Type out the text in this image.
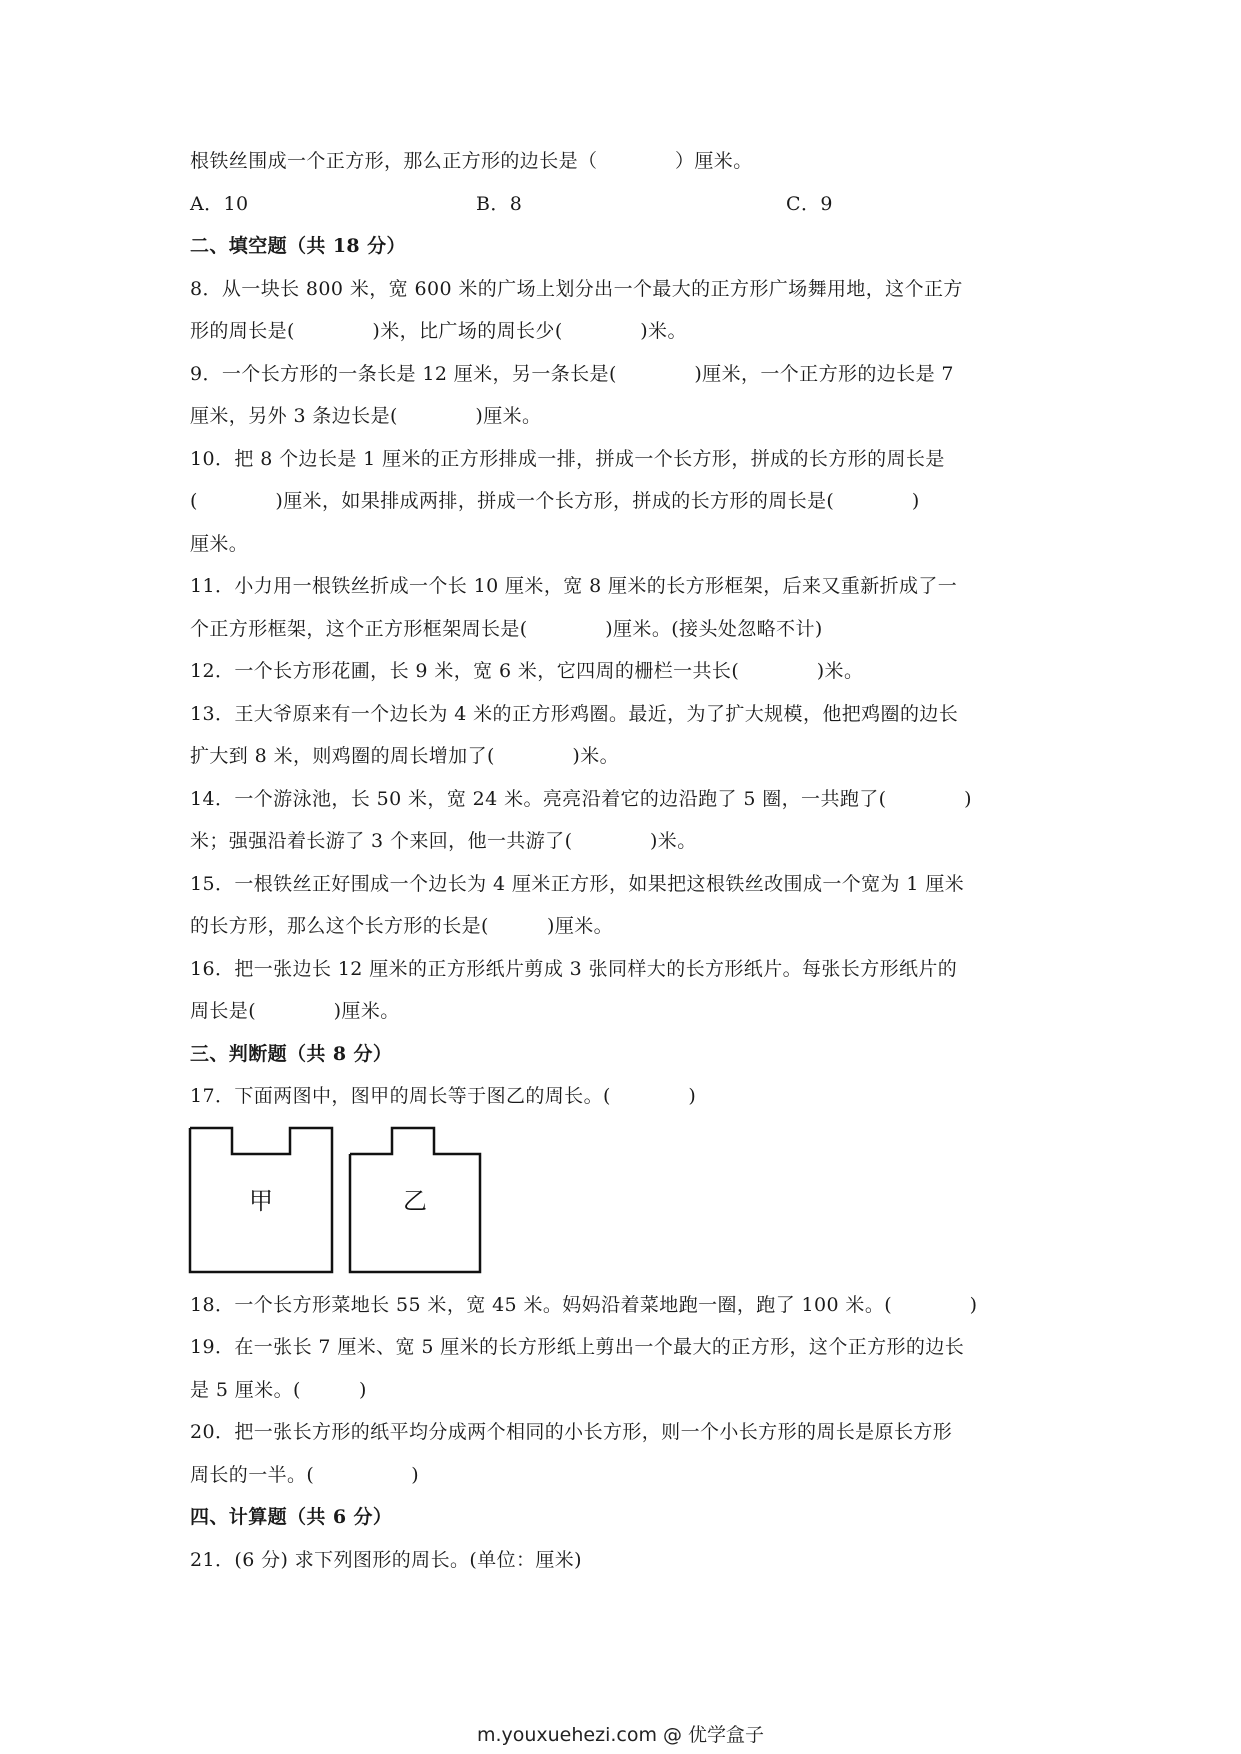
根铁丝围成一个正方形，那么正方形的边长是（　　　　）厘米。
A．10	B．8	C．9
二、填空题（共 18 分）
8．从一块长 800 米，宽 600 米的广场上划分出一个最大的正方形广场舞用地，这个正方
形的周长是(　　　　)米，比广场的周长少(　　　　)米。
9．一个长方形的一条长是 12 厘米，另一条长是(　　　　)厘米，一个正方形的边长是 7
厘米，另外 3 条边长是(　　　　)厘米。
10．把 8 个边长是 1 厘米的正方形排成一排，拼成一个长方形，拼成的长方形的周长是
(　　　　)厘米，如果排成两排，拼成一个长方形，拼成的长方形的周长是(　　　　)
厘米。
11．小力用一根铁丝折成一个长 10 厘米，宽 8 厘米的长方形框架，后来又重新折成了一
个正方形框架，这个正方形框架周长是(　　　　)厘米。(接头处忽略不计)
12．一个长方形花圃，长 9 米，宽 6 米，它四周的栅栏一共长(　　　　)米。
13．王大爷原来有一个边长为 4 米的正方形鸡圈。最近，为了扩大规模，他把鸡圈的边长
扩大到 8 米，则鸡圈的周长增加了(　　　　)米。
14．一个游泳池，长 50 米，宽 24 米。亮亮沿着它的边沿跑了 5 圈，一共跑了(　　　　)
米；强强沿着长游了 3 个来回，他一共游了(　　　　)米。
15．一根铁丝正好围成一个边长为 4 厘米正方形，如果把这根铁丝改围成一个宽为 1 厘米
的长方形，那么这个长方形的长是(　　　)厘米。
16．把一张边长 12 厘米的正方形纸片剪成 3 张同样大的长方形纸片。每张长方形纸片的
周长是(　　　　)厘米。
三、判断题（共 8 分）
17．下面两图中，图甲的周长等于图乙的周长。(　　　　)
甲	乙
18．一个长方形菜地长 55 米，宽 45 米。妈妈沿着菜地跑一圈，跑了 100 米。(　　　　)
19．在一张长 7 厘米、宽 5 厘米的长方形纸上剪出一个最大的正方形，这个正方形的边长
是 5 厘米。(　　　)
20．把一张长方形的纸平均分成两个相同的小长方形，则一个小长方形的周长是原长方形
周长的一半。(　　　　　)
四、计算题（共 6 分）
21．(6 分) 求下列图形的周长。(单位：厘米)
m.youxuehezi.com @ 优学盒子
